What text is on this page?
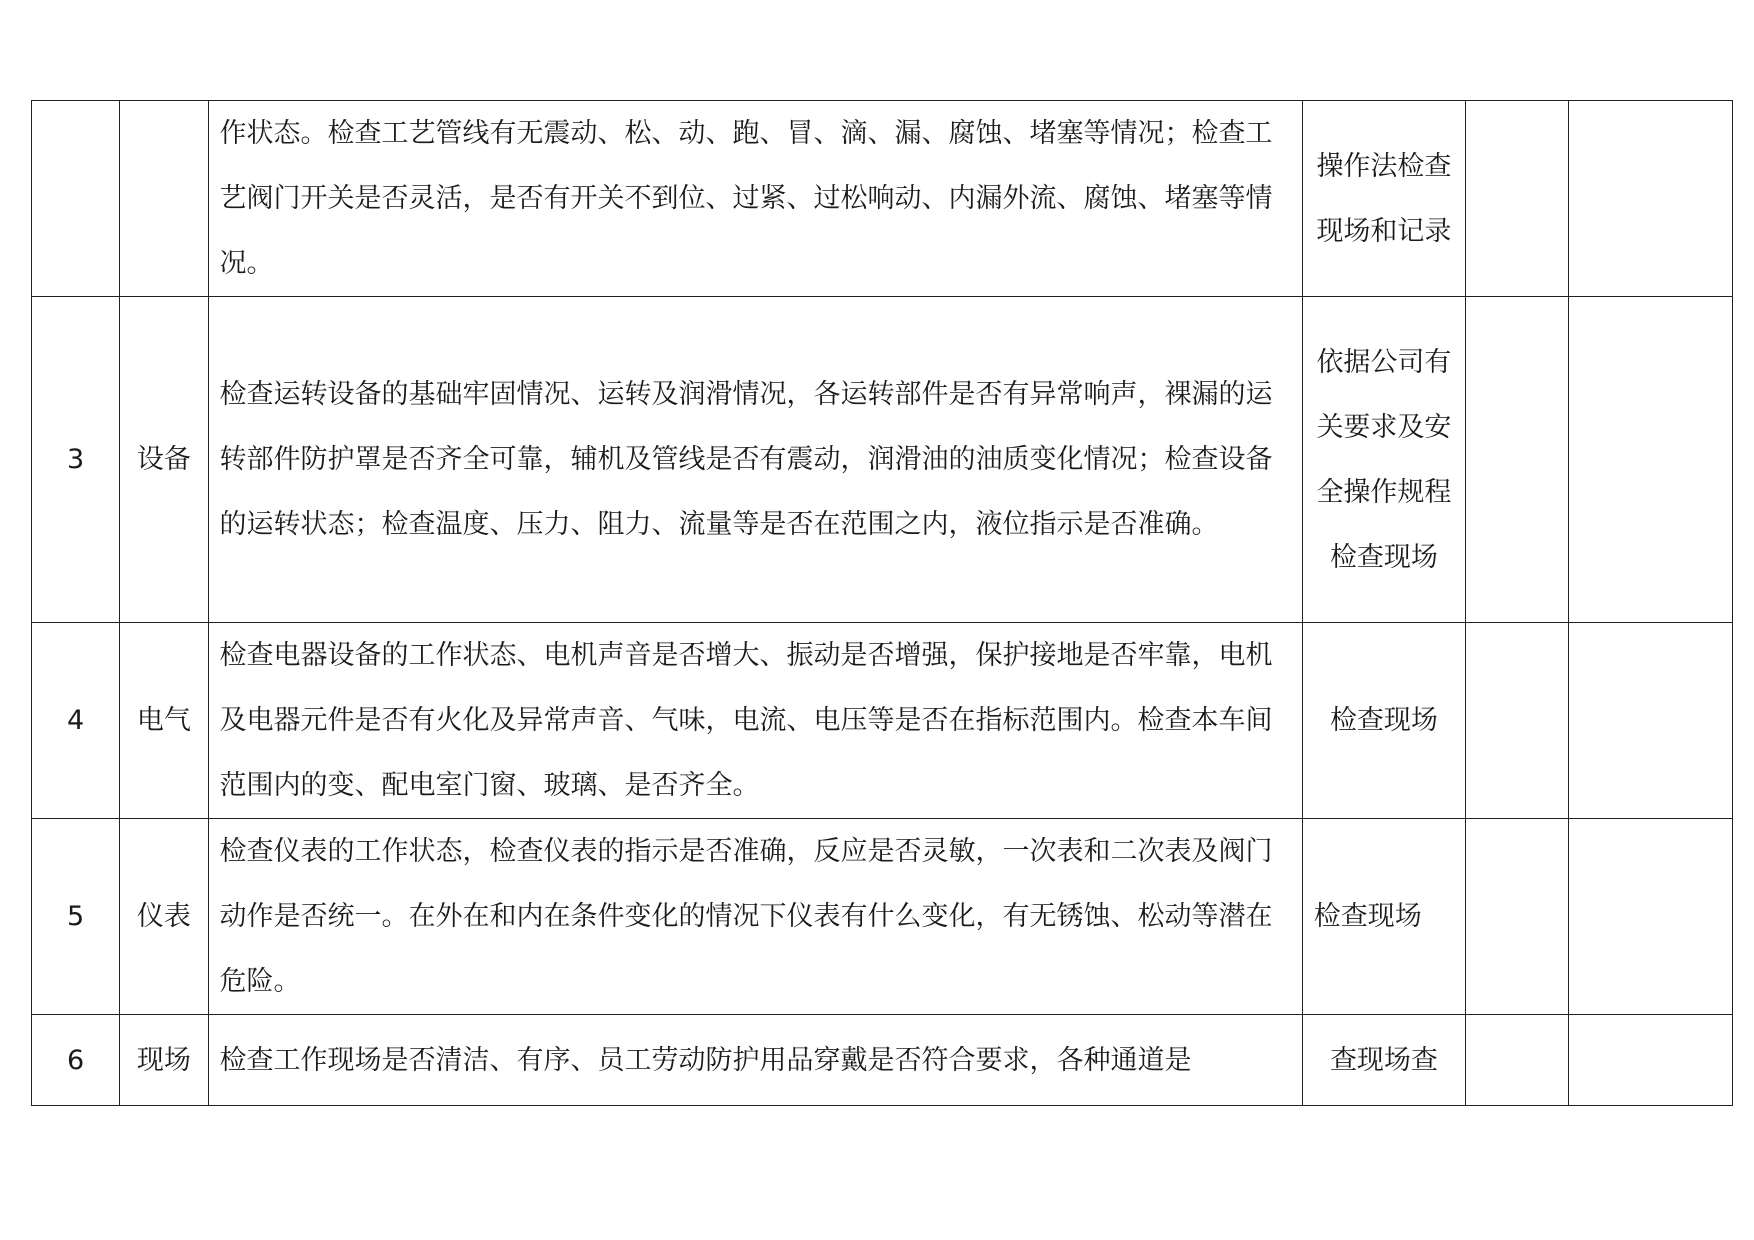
		作状态。检查工艺管线有无震动、松、动、跑、冒、滴、漏、腐蚀、堵塞等情况；检查工艺阀门开关是否灵活，是否有开关不到位、过紧、过松响动、内漏外流、腐蚀、堵塞等情况。	操作法检查现场和记录		

3	设备	检查运转设备的基础牢固情况、运转及润滑情况，各运转部件是否有异常响声，裸漏的运转部件防护罩是否齐全可靠，辅机及管线是否有震动，润滑油的油质变化情况；检查设备的运转状态；检查温度、压力、阻力、流量等是否在范围之内，液位指示是否准确。	依据公司有关要求及安全操作规程检查现场		

4	电气	检查电器设备的工作状态、电机声音是否增大、振动是否增强，保护接地是否牢靠，电机及电器元件是否有火化及异常声音、气味，电流、电压等是否在指标范围内。检查本车间范围内的变、配电室门窗、玻璃、是否齐全。	检查现场		
5	仪表	检查仪表的工作状态，检查仪表的指示是否准确，反应是否灵敏，一次表和二次表及阀门动作是否统一。在外在和内在条件变化的情况下仪表有什么变化，有无锈蚀、松动等潜在危险。	检查现场		
6	现场	检查工作现场是否清洁、有序、员工劳动防护用品穿戴是否符合要求，各种通道是	查现场查		
